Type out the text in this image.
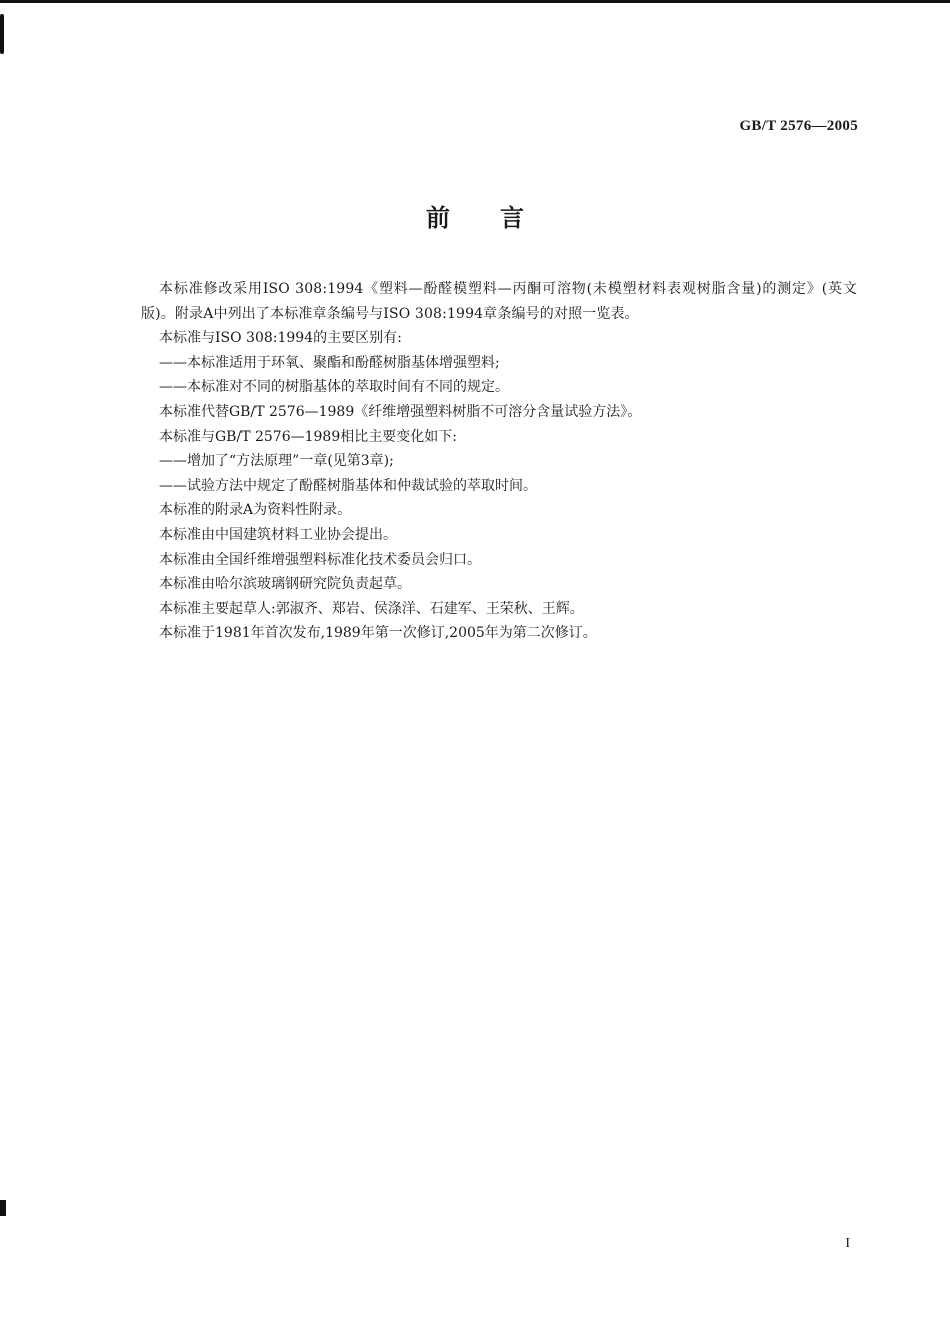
GB/T 2576—2005

前 言

本标准修改采用ISO 308:1994《塑料—酚醛模塑料—丙酮可溶物(未模塑材料表观树脂含量)的测定》(英文版)。附录A中列出了本标准章条编号与ISO 308:1994章条编号的对照一览表。

本标准与ISO 308:1994的主要区别有:

——本标准适用于环氧、聚酯和酚醛树脂基体增强塑料;

——本标准对不同的树脂基体的萃取时间有不同的规定。

本标准代替GB/T 2576—1989《纤维增强塑料树脂不可溶分含量试验方法》。

本标准与GB/T 2576—1989相比主要变化如下:

——增加了“方法原理”一章(见第3章);

——试验方法中规定了酚醛树脂基体和仲裁试验的萃取时间。

本标准的附录A为资料性附录。

本标准由中国建筑材料工业协会提出。

本标准由全国纤维增强塑料标准化技术委员会归口。

本标准由哈尔滨玻璃钢研究院负责起草。

本标准主要起草人:郭淑齐、郑岩、侯涤洋、石建军、王荣秋、王辉。

本标准于1981年首次发布,1989年第一次修订,2005年为第二次修订。

I
